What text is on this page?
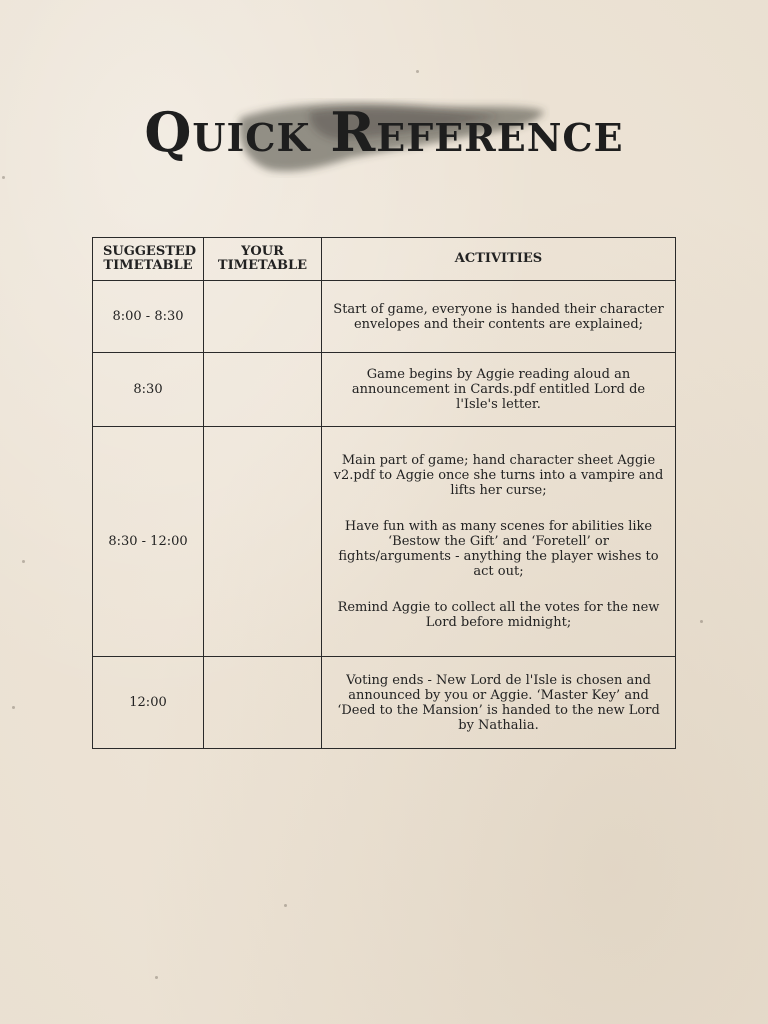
Quick Reference
SUGGESTED TIMETABLE	YOUR TIMETABLE	ACTIVITIES
8:00 - 8:30		Start of game, everyone is handed their character envelopes and their contents are explained;

8:30		Game begins by Aggie reading aloud an announcement in Cards.pdf entitled Lord de l'Isle's letter.

8:30 - 12:00		Main part of game; hand character sheet Aggie v2.pdf to Aggie once she turns into a vampire and lifts her curse;
Have fun with as many scenes for abilities like ‘Bestow the Gift’ and ‘Foretell’ or fights/arguments - anything the player wishes to act out;
Remind Aggie to collect all the votes for the new Lord before midnight;

12:00		Voting ends - New Lord de l'Isle is chosen and announced by you or Aggie. ‘Master Key’ and ‘Deed to the Mansion’ is handed to the new Lord by Nathalia.
